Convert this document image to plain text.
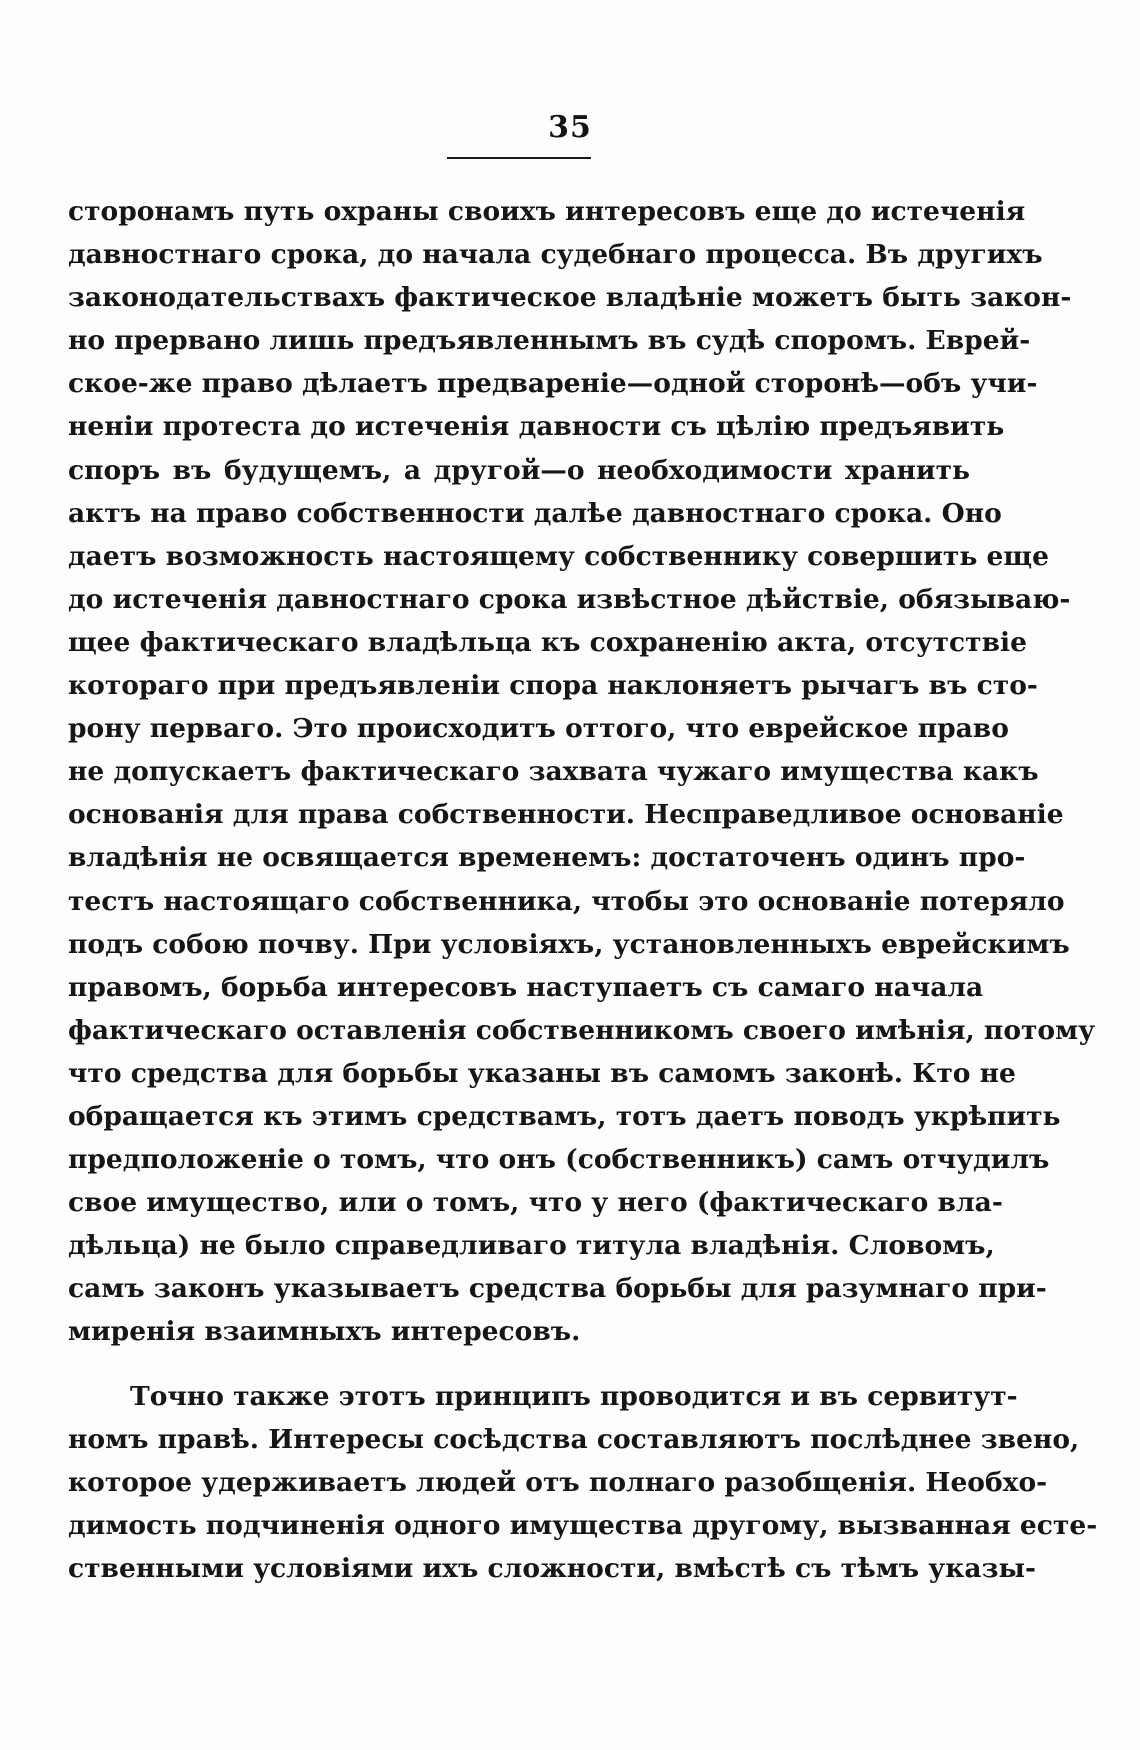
35
сторонамъ путь охраны своихъ интересовъ еще до истеченія
давностнаго срока, до начала судебнаго процесса. Въ другихъ
законодательствахъ фактическое владѣніе можетъ быть закон-
но прервано лишь предъявленнымъ въ судѣ споромъ. Еврей-
ское-же право дѣлаетъ предвареніе—одной сторонѣ—объ учи-
неніи протеста до истеченія давности съ цѣлію предъявить
споръ въ будущемъ, а другой—о необходимости хранить
актъ на право собственности далѣе давностнаго срока. Оно
даетъ возможность настоящему собственнику совершить еще
до истеченія давностнаго срока извѣстное дѣйствіе, обязываю-
щее фактическаго владѣльца къ сохраненію акта, отсутствіе
котораго при предъявленіи спора наклоняетъ рычагъ въ сто-
рону перваго. Это происходитъ оттого, что еврейское право
не допускаетъ фактическаго захвата чужаго имущества какъ
основанія для права собственности. Несправедливое основаніе
владѣнія не освящается временемъ: достаточенъ одинъ про-
тестъ настоящаго собственника, чтобы это основаніе потеряло
подъ собою почву. При условіяхъ, установленныхъ еврейскимъ
правомъ, борьба интересовъ наступаетъ съ самаго начала
фактическаго оставленія собственникомъ своего имѣнія, потому
что средства для борьбы указаны въ самомъ законѣ. Кто не
обращается къ этимъ средствамъ, тотъ даетъ поводъ укрѣпить
предположеніе о томъ, что онъ (собственникъ) самъ отчудилъ
свое имущество, или о томъ, что у него (фактическаго вла-
дѣльца) не было справедливаго титула владѣнія. Словомъ,
самъ законъ указываетъ средства борьбы для разумнаго при-
миренія взаимныхъ интересовъ.
Точно также этотъ принципъ проводится и въ сервитут-
номъ правѣ. Интересы сосѣдства составляютъ послѣднее звено,
которое удерживаетъ людей отъ полнаго разобщенія. Необхо-
димость подчиненія одного имущества другому, вызванная есте-
ственными условіями ихъ сложности, вмѣстѣ съ тѣмъ указы-
